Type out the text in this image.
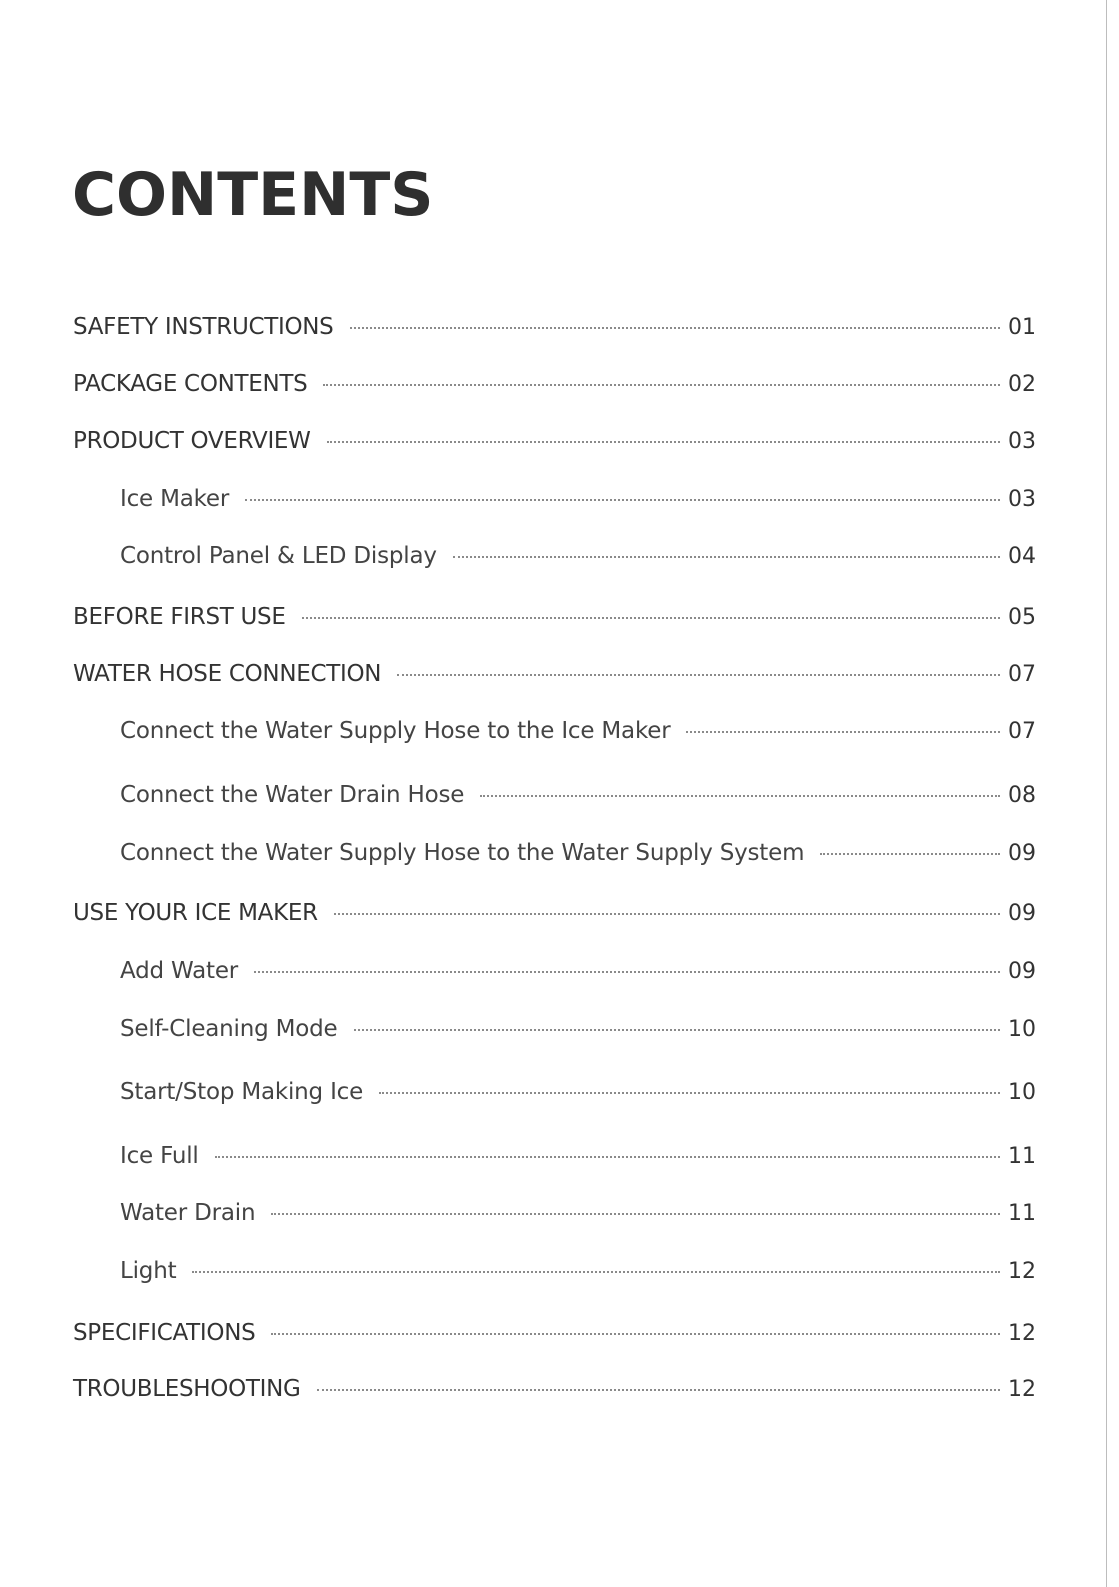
CONTENTS
SAFETY INSTRUCTIONS	01
PACKAGE CONTENTS	02
PRODUCT OVERVIEW	03
Ice Maker	03
Control Panel & LED Display	04
BEFORE FIRST USE	05
WATER HOSE CONNECTION	07
Connect the Water Supply Hose to the Ice Maker	07
Connect the Water Drain Hose	08
Connect the Water Supply Hose to the Water Supply System	09
USE YOUR ICE MAKER	09
Add Water	09
Self-Cleaning Mode	10
Start/Stop Making Ice	10
Ice Full	11
Water Drain	11
Light	12
SPECIFICATIONS	12
TROUBLESHOOTING	12
